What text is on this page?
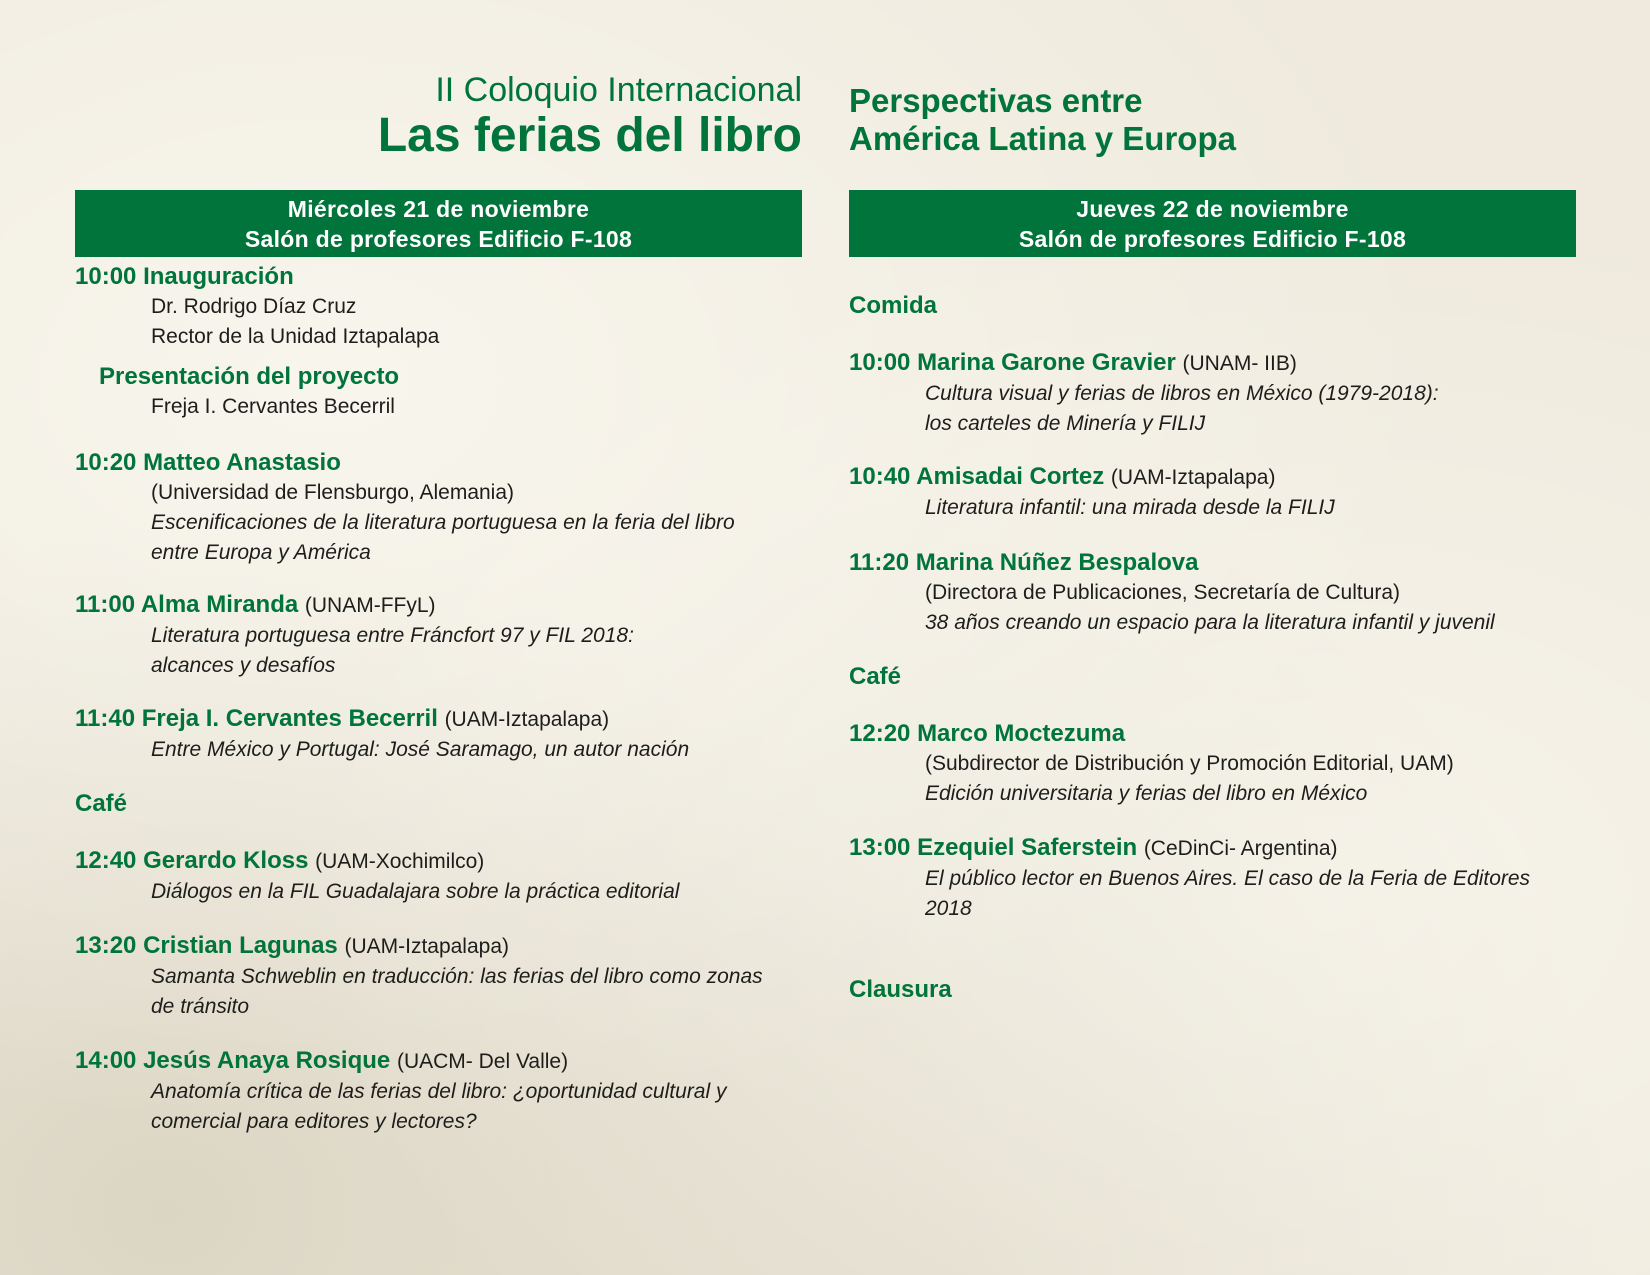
II Coloquio Internacional
Las ferias del libro
Miércoles 21 de noviembre
Salón de profesores Edificio F-108
10:00 Inauguración
Dr. Rodrigo Díaz Cruz
Rector de la Unidad Iztapalapa
Presentación del proyecto
Freja I. Cervantes Becerril
10:20 Matteo Anastasio
(Universidad de Flensburgo, Alemania)
Escenificaciones de la literatura portuguesa en la feria del libro
entre Europa y América
11:00 Alma Miranda (UNAM-FFyL)
Literatura portuguesa entre Fráncfort 97 y FIL 2018:
alcances y desafíos
11:40 Freja I. Cervantes Becerril (UAM-Iztapalapa)
Entre México y Portugal: José Saramago, un autor nación
Café
12:40 Gerardo Kloss (UAM-Xochimilco)
Diálogos en la FIL Guadalajara sobre la práctica editorial
13:20 Cristian Lagunas (UAM-Iztapalapa)
Samanta Schweblin en traducción: las ferias del libro como zonas
de tránsito
14:00 Jesús Anaya Rosique (UACM- Del Valle)
Anatomía crítica de las ferias del libro: ¿oportunidad cultural y
comercial para editores y lectores?
Perspectivas entre
América Latina y Europa
Jueves 22 de noviembre
Salón de profesores Edificio F-108
Comida
10:00 Marina Garone Gravier (UNAM- IIB)
Cultura visual y ferias de libros en México (1979-2018):
los carteles de Minería y FILIJ
10:40 Amisadai Cortez (UAM-Iztapalapa)
Literatura infantil: una mirada desde la FILIJ
11:20 Marina Núñez Bespalova
(Directora de Publicaciones, Secretaría de Cultura)
38 años creando un espacio para la literatura infantil y juvenil
Café
12:20 Marco Moctezuma
(Subdirector de Distribución y Promoción Editorial, UAM)
Edición universitaria y ferias del libro en México
13:00 Ezequiel Saferstein (CeDinCi- Argentina)
El público lector en Buenos Aires. El caso de la Feria de Editores
2018
Clausura
